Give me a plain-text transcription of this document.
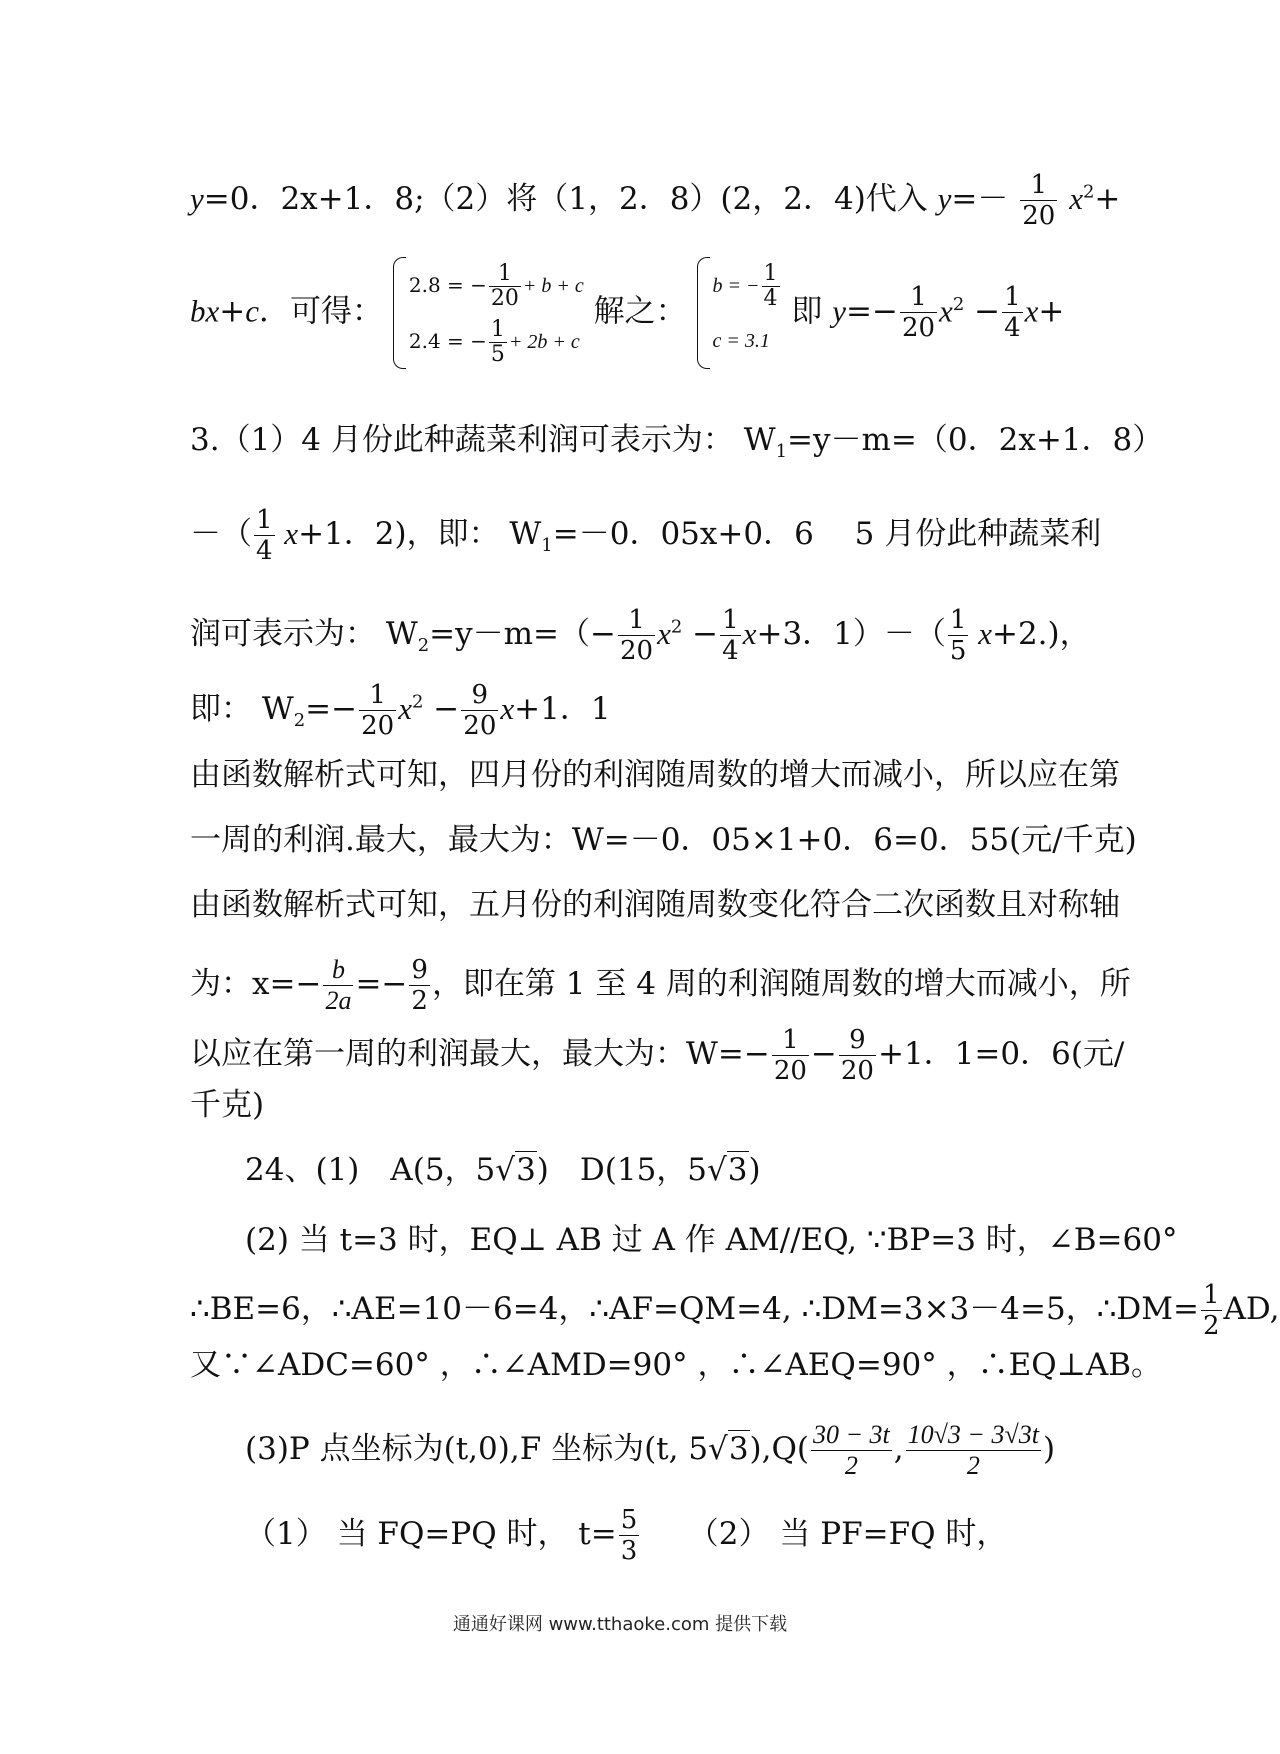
y=0．2x+1．8;（2）将（1，2．8）(2，2．4)代入 $y=- \frac{1}{20} x^2+$
bx+c．可得：
2.8 = − $\frac{1}{20} + b + c$
2.4 = − $\frac{1}{5} + 2b + c$
解之：
b = − $\frac{1}{4}$
c = 3.1
即 $y=- \frac{1}{20} x^2 - \frac{1}{4} x+$
3.（1）4 月份此种蔬菜利润可表示为： $W_1=y-m=(0$．2x+1．8）
－（ $\frac{1}{4} x+1$．2)，即： $W_1=-0$．05x+0．6 　5 月份此种蔬菜利
润可表示为： $W_2=y-m=(- \frac{1}{20} x^2 - \frac{1}{4} x+3$．$1)-( \frac{1}{5} x+2.)$，
即： $W_2=- \frac{1}{20} x^2 - \frac{9}{20} x+1$．1
由函数解析式可知，四月份的利润随周数的增大而减小，所以应在第
一周的利润.最大，最大为：W=－0．05×1+0．6=0．55(元/千克)
由函数解析式可知，五月份的利润随周数变化符合二次函数且对称轴
为：$x=- \frac{b}{2a} =- \frac{9}{2}$ ，即在第 1 至 4 周的利润随周数的增大而减小，所
以应在第一周的利润最大，最大为：$W=- \frac{1}{20} - \frac{9}{20} +1$．1=0．6(元/
千克)
24、(1)　A(5，5√3)　D(15，5√3)
(2) 当 t=3 时，EQ⊥ AB 过 A 作 AM//EQ, ∵BP=3 时，∠B=60°
∴BE=6，∴AE=10－6=4，∴AF=QM=4, ∴DM=3×3－4=5，∴DM= $\frac{1}{2}$ AD,
又∵∠ADC=60° ，∴∠AMD=90° ，∴∠AEQ=90° ，∴EQ⊥AB。
(3)P 点坐标为(t,0),F 坐标为(t, $5√3),Q( \frac{30 - 3t}{2}$ , $\frac{10√3 - 3√3t}{2}$ )
（1） 当 FQ=PQ 时， $t= \frac{5}{3}$ 　　（2） 当 PF=FQ 时，
通通好课网 www.tthaoke.com 提供下载
